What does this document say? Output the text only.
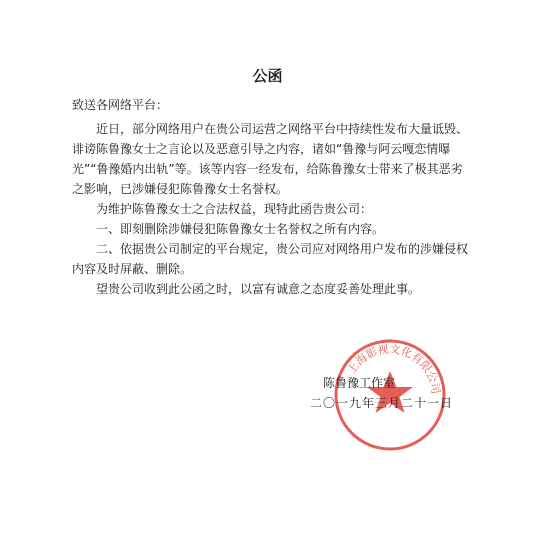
公函
致送各网络平台：

近日，部分网络用户在贵公司运营之网络平台中持续性发布大量诋毁、诽谤陈鲁豫女士之言论以及恶意引导之内容，诸如“鲁豫与阿云嘎恋情曝光”“鲁豫婚内出轨”等。该等内容一经发布，给陈鲁豫女士带来了极其恶劣之影响，已涉嫌侵犯陈鲁豫女士名誉权。

为维护陈鲁豫女士之合法权益，现特此函告贵公司：

一、即刻删除涉嫌侵犯陈鲁豫女士名誉权之所有内容。

二、依据贵公司制定的平台规定，贵公司应对网络用户发布的涉嫌侵权内容及时屏蔽、删除。

望贵公司收到此公函之时，以富有诚意之态度妥善处理此事。

上海影视文化有限公司
陈鲁豫工作室
二〇一九年三月二十一日
